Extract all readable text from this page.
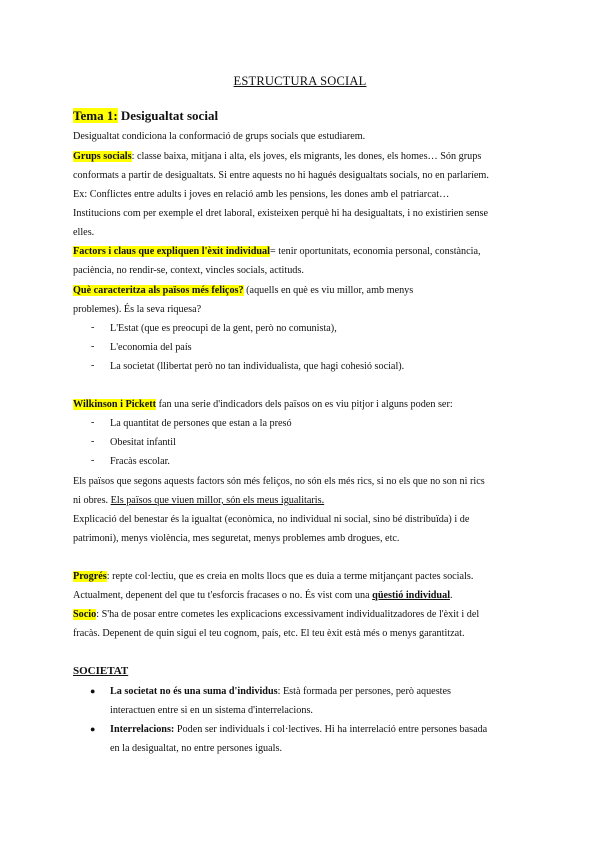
ESTRUCTURA SOCIAL
Tema 1: Desigualtat social
Desigualtat condiciona la conformació de grups socials que estudiarem.
Grups socials: classe baixa, mitjana i alta, els joves, els migrants, les dones, els homes… Són grups
conformats a partir de desigualtats. Si entre aquests no hi hagués desigualtats socials, no en parlaríem.
Ex: Conflictes entre adults i joves en relació amb les pensions, les dones amb el patriarcat…
Institucions com per exemple el dret laboral, existeixen perquè hi ha desigualtats, i no existirien sense
elles.
Factors i claus que expliquen l'èxit individual= tenir oportunitats, economia personal, constància,
paciència, no rendir-se, context, vincles socials, actituds.
Què caracteritza als països més feliços? (aquells en què es viu millor, amb menys
problemes). És la seva riquesa?
- L'Estat (que es preocupi de la gent, però no comunista),
- L'economia del país
- La societat (llibertat però no tan individualista, que hagi cohesió social).
Wilkinson i Pickett fan una serie d'indicadors dels països on es viu pitjor i alguns poden ser:
- La quantitat de persones que estan a la presó
- Obesitat infantil
- Fracàs escolar.
Els països que segons aquests factors són més feliços, no són els més rics, si no els que no son ni rics
ni obres. Els països que viuen millor, són els meus igualitaris.
Explicació del benestar és la igualtat (econòmica, no individual ni social, sino bé distribuïda) i de
patrimoni), menys violència, mes seguretat, menys problemes amb drogues, etc.
Progrés: repte col·lectiu, que es creia en molts llocs que es duia a terme mitjançant pactes socials.
Actualment, depenent del que tu t'esforcis fracases o no. És vist com una qüestió individual.
Socio: S'ha de posar entre cometes les explicacions excessivament individualitzadores de l'èxit i del
fracàs. Depenent de quin sigui el teu cognom, país, etc. El teu èxit està més o menys garantitzat.
SOCIETAT
● La societat no és una suma d'individus: Està formada per persones, però aquestes
interactuen entre si en un sistema d'interrelacions.
● Interrelacions: Poden ser individuals i col·lectives. Hi ha interrelació entre persones basada
en la desigualtat, no entre persones iguals.
